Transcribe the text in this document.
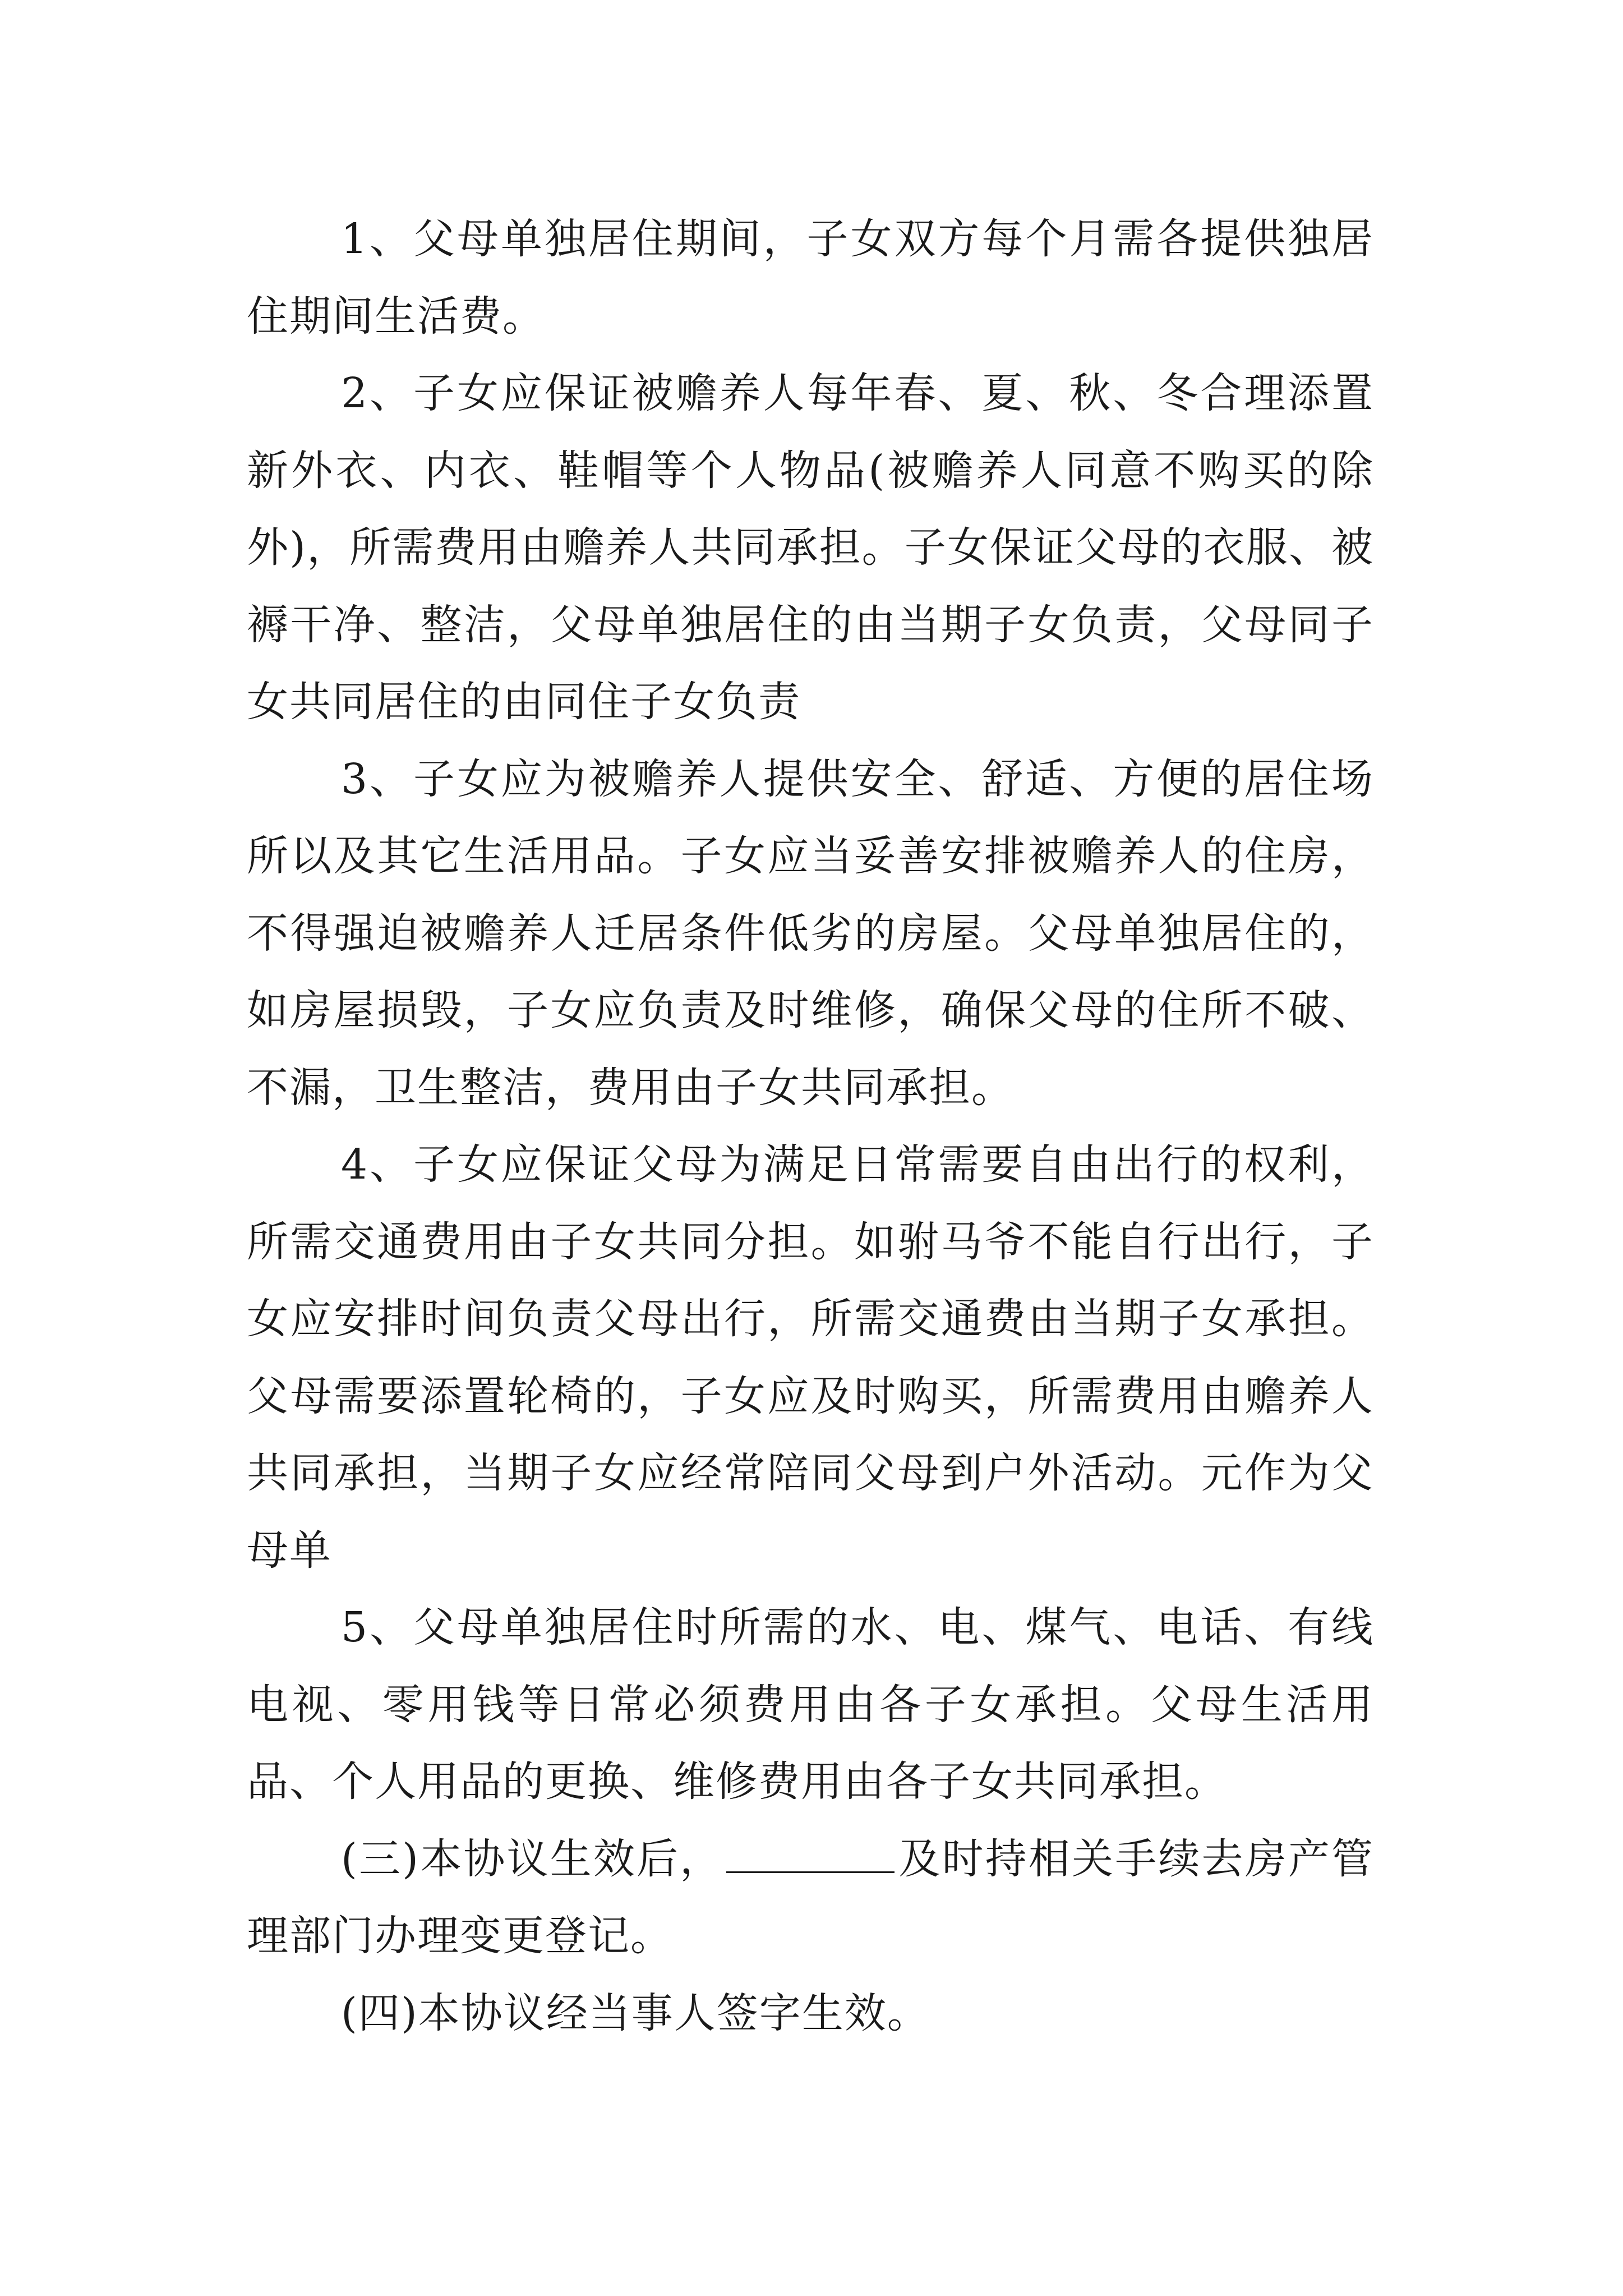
1、父母单独居住期间，子女双方每个月需各提供独居住期间生活费。

2、子女应保证被赡养人每年春、夏、秋、冬合理添置新外衣、内衣、鞋帽等个人物品(被赡养人同意不购买的除外)，所需费用由赡养人共同承担。子女保证父母的衣服、被褥干净、整洁，父母单独居住的由当期子女负责，父母同子女共同居住的由同住子女负责

3、子女应为被赡养人提供安全、舒适、方便的居住场所以及其它生活用品。子女应当妥善安排被赡养人的住房，不得强迫被赡养人迁居条件低劣的房屋。父母单独居住的，如房屋损毁，子女应负责及时维修，确保父母的住所不破、不漏，卫生整洁，费用由子女共同承担。

4、子女应保证父母为满足日常需要自由出行的权利，所需交通费用由子女共同分担。如驸马爷不能自行出行，子女应安排时间负责父母出行，所需交通费由当期子女承担。父母需要添置轮椅的，子女应及时购买，所需费用由赡养人共同承担，当期子女应经常陪同父母到户外活动。元作为父母单

5、父母单独居住时所需的水、电、煤气、电话、有线电视、零用钱等日常必须费用由各子女承担。父母生活用品、个人用品的更换、维修费用由各子女共同承担。

(三)本协议生效后，	及时持相关手续去房产管理部门办理变更登记。

(四)本协议经当事人签字生效。
